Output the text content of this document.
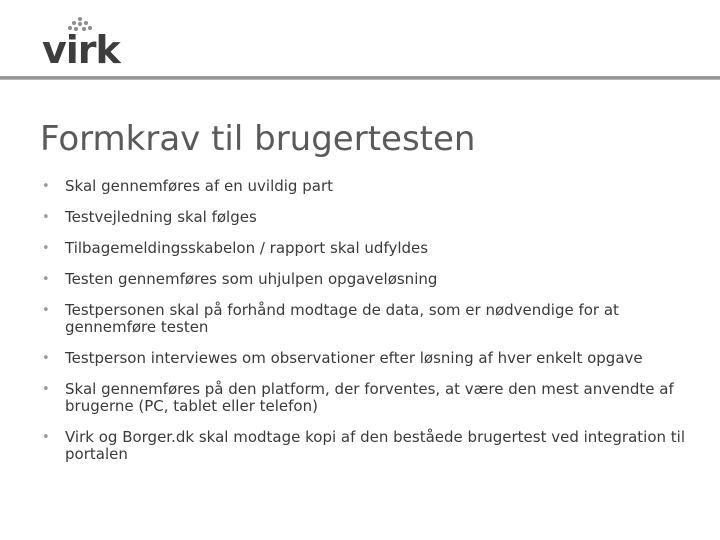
virk
Formkrav til brugertesten
• Skal gennemføres af en uvildig part
• Testvejledning skal følges
• Tilbagemeldingsskabelon / rapport skal udfyldes
• Testen gennemføres som uhjulpen opgaveløsning
• Testpersonen skal på forhånd modtage de data, som er nødvendige for at gennemføre testen
• Testperson interviewes om observationer efter løsning af hver enkelt opgave
• Skal gennemføres på den platform, der forventes, at være den mest anvendte af brugerne (PC, tablet eller telefon)
• Virk og Borger.dk skal modtage kopi af den beståede brugertest ved integration til portalen
